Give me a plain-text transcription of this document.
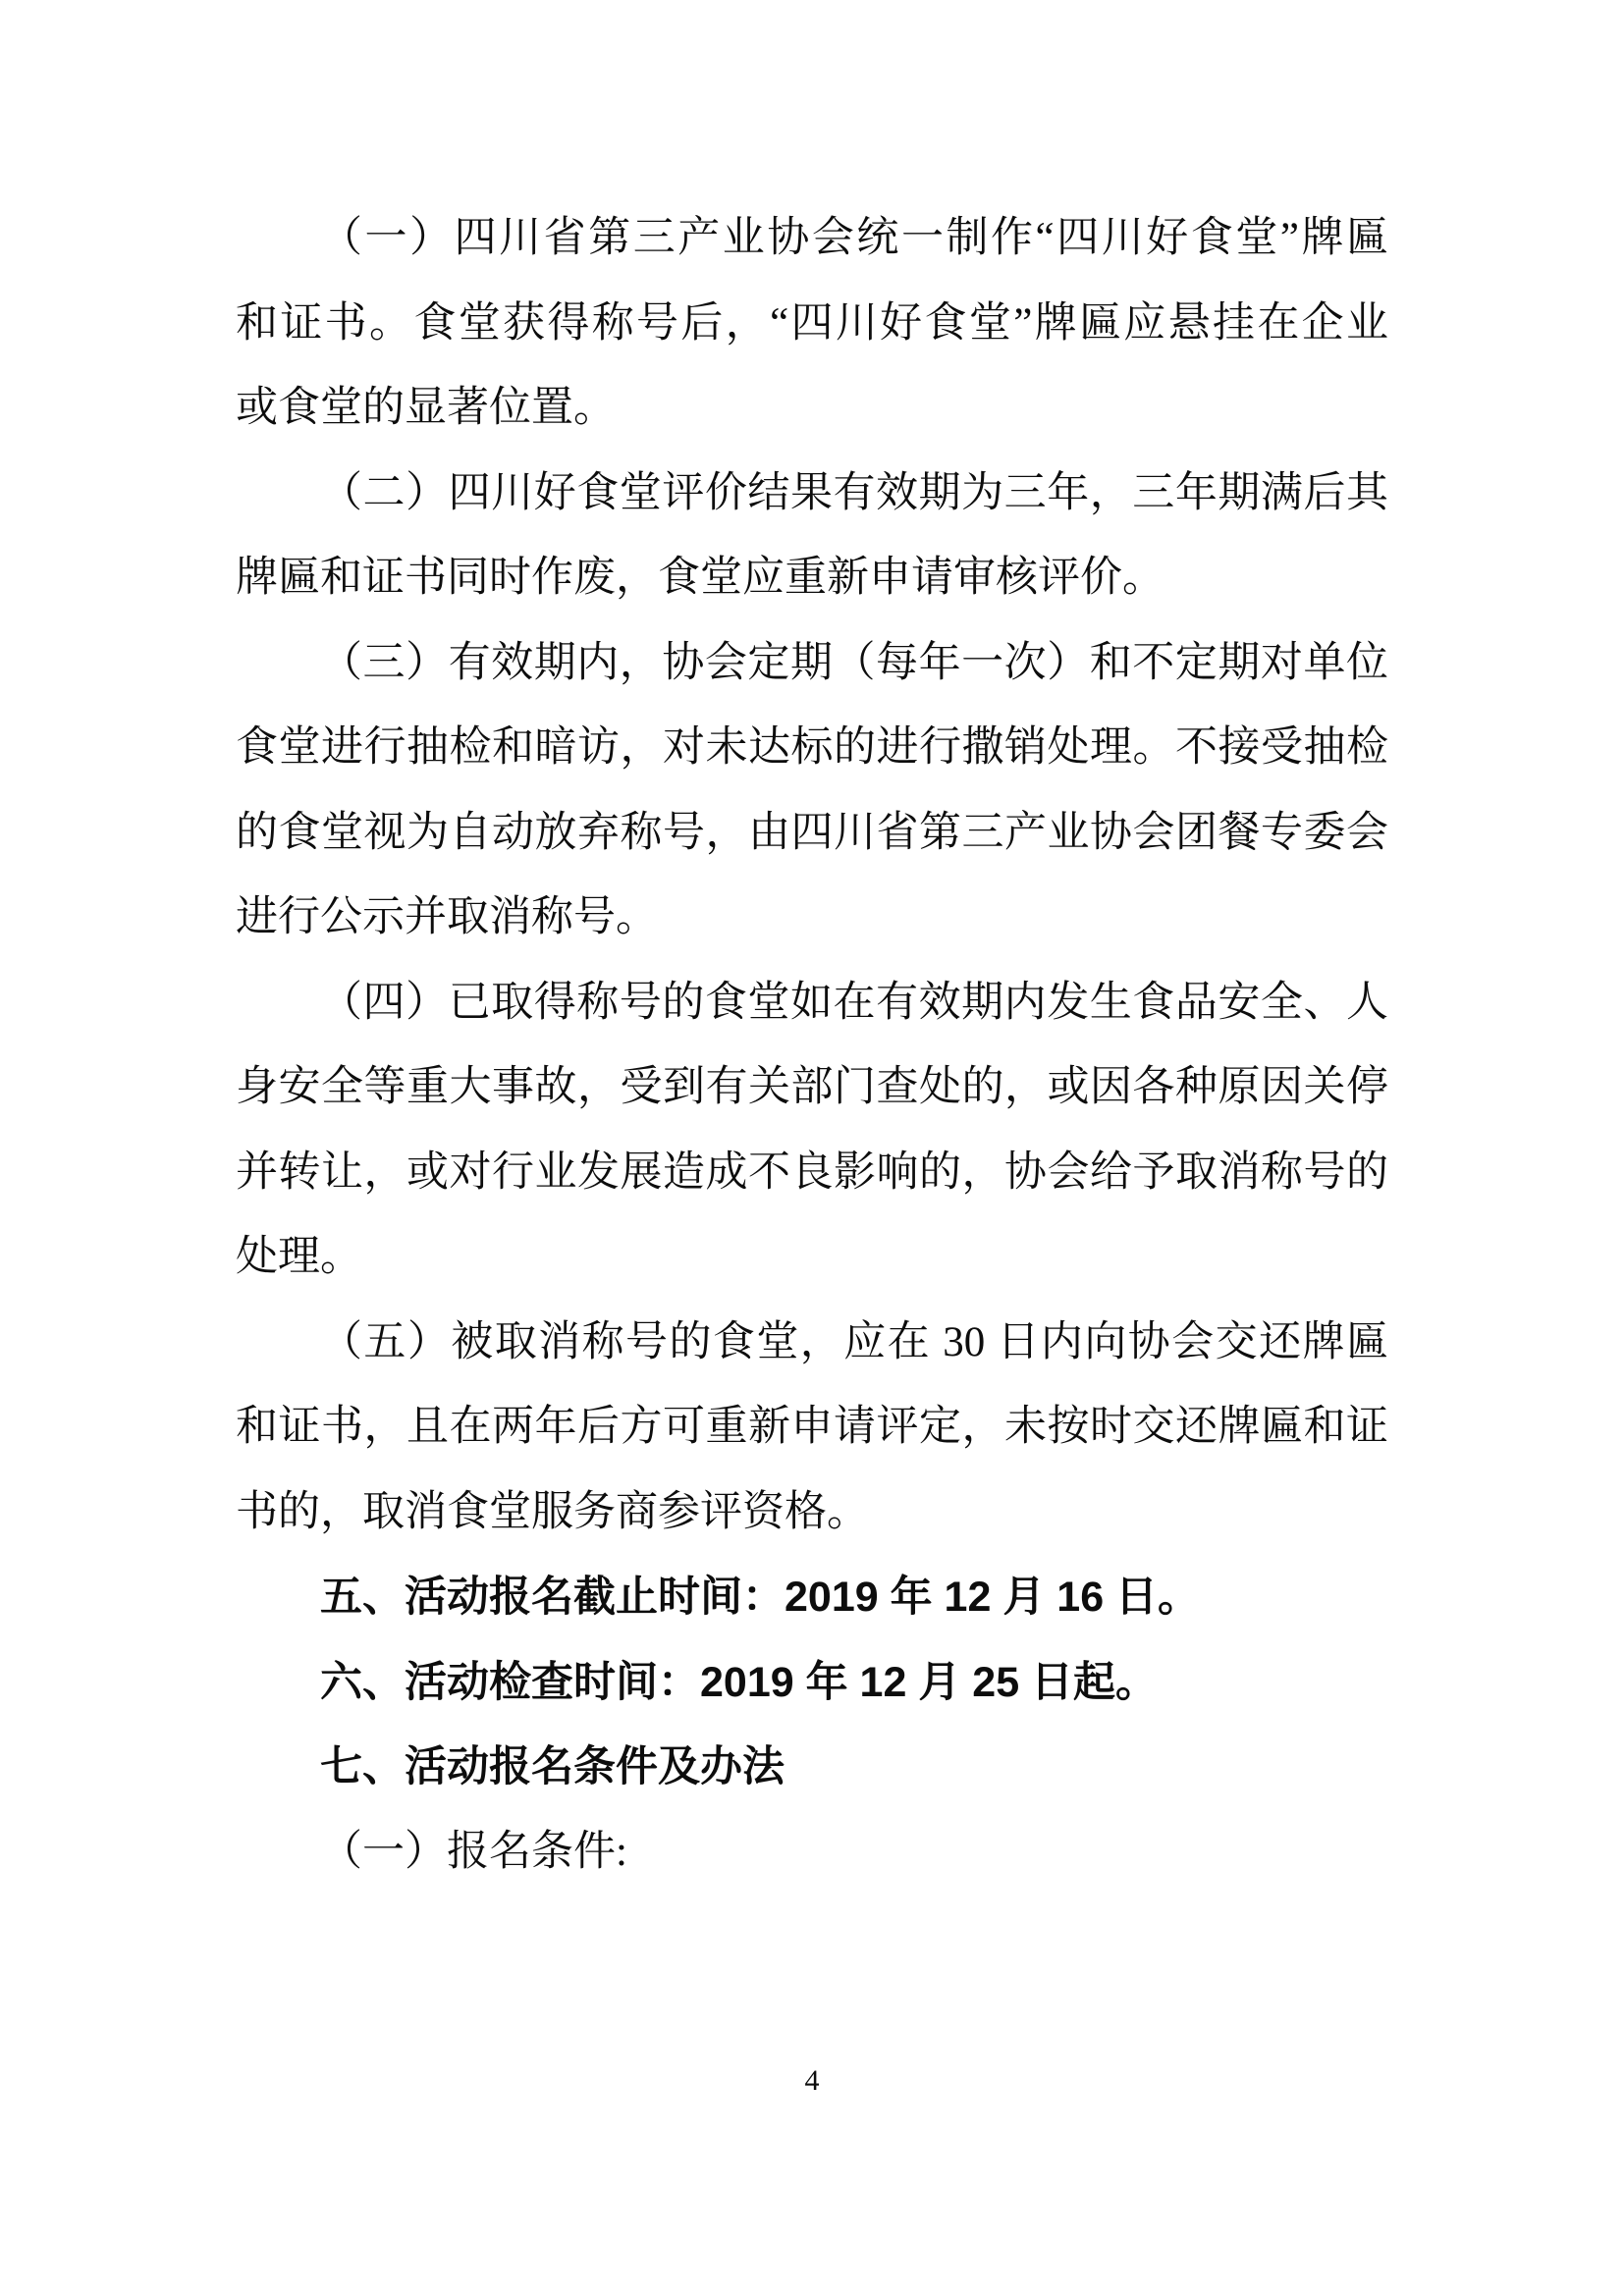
（一）四川省第三产业协会统一制作“四川好食堂”牌匾
和证书。食堂获得称号后，“四川好食堂”牌匾应悬挂在企业
或食堂的显著位置。
（二）四川好食堂评价结果有效期为三年，三年期满后其
牌匾和证书同时作废，食堂应重新申请审核评价。
（三）有效期内，协会定期（每年一次）和不定期对单位
食堂进行抽检和暗访，对未达标的进行撒销处理。不接受抽检
的食堂视为自动放弃称号，由四川省第三产业协会团餐专委会
进行公示并取消称号。
（四）已取得称号的食堂如在有效期内发生食品安全、人
身安全等重大事故，受到有关部门查处的，或因各种原因关停
并转让，或对行业发展造成不良影响的，协会给予取消称号的
处理。
（五）被取消称号的食堂，应在 30 日内向协会交还牌匾
和证书，且在两年后方可重新申请评定，未按时交还牌匾和证
书的，取消食堂服务商参评资格。
五、活动报名截止时间：2019 年 12 月 16 日。
六、活动检查时间：2019 年 12 月 25 日起。
七、活动报名条件及办法
（一）报名条件:
4
